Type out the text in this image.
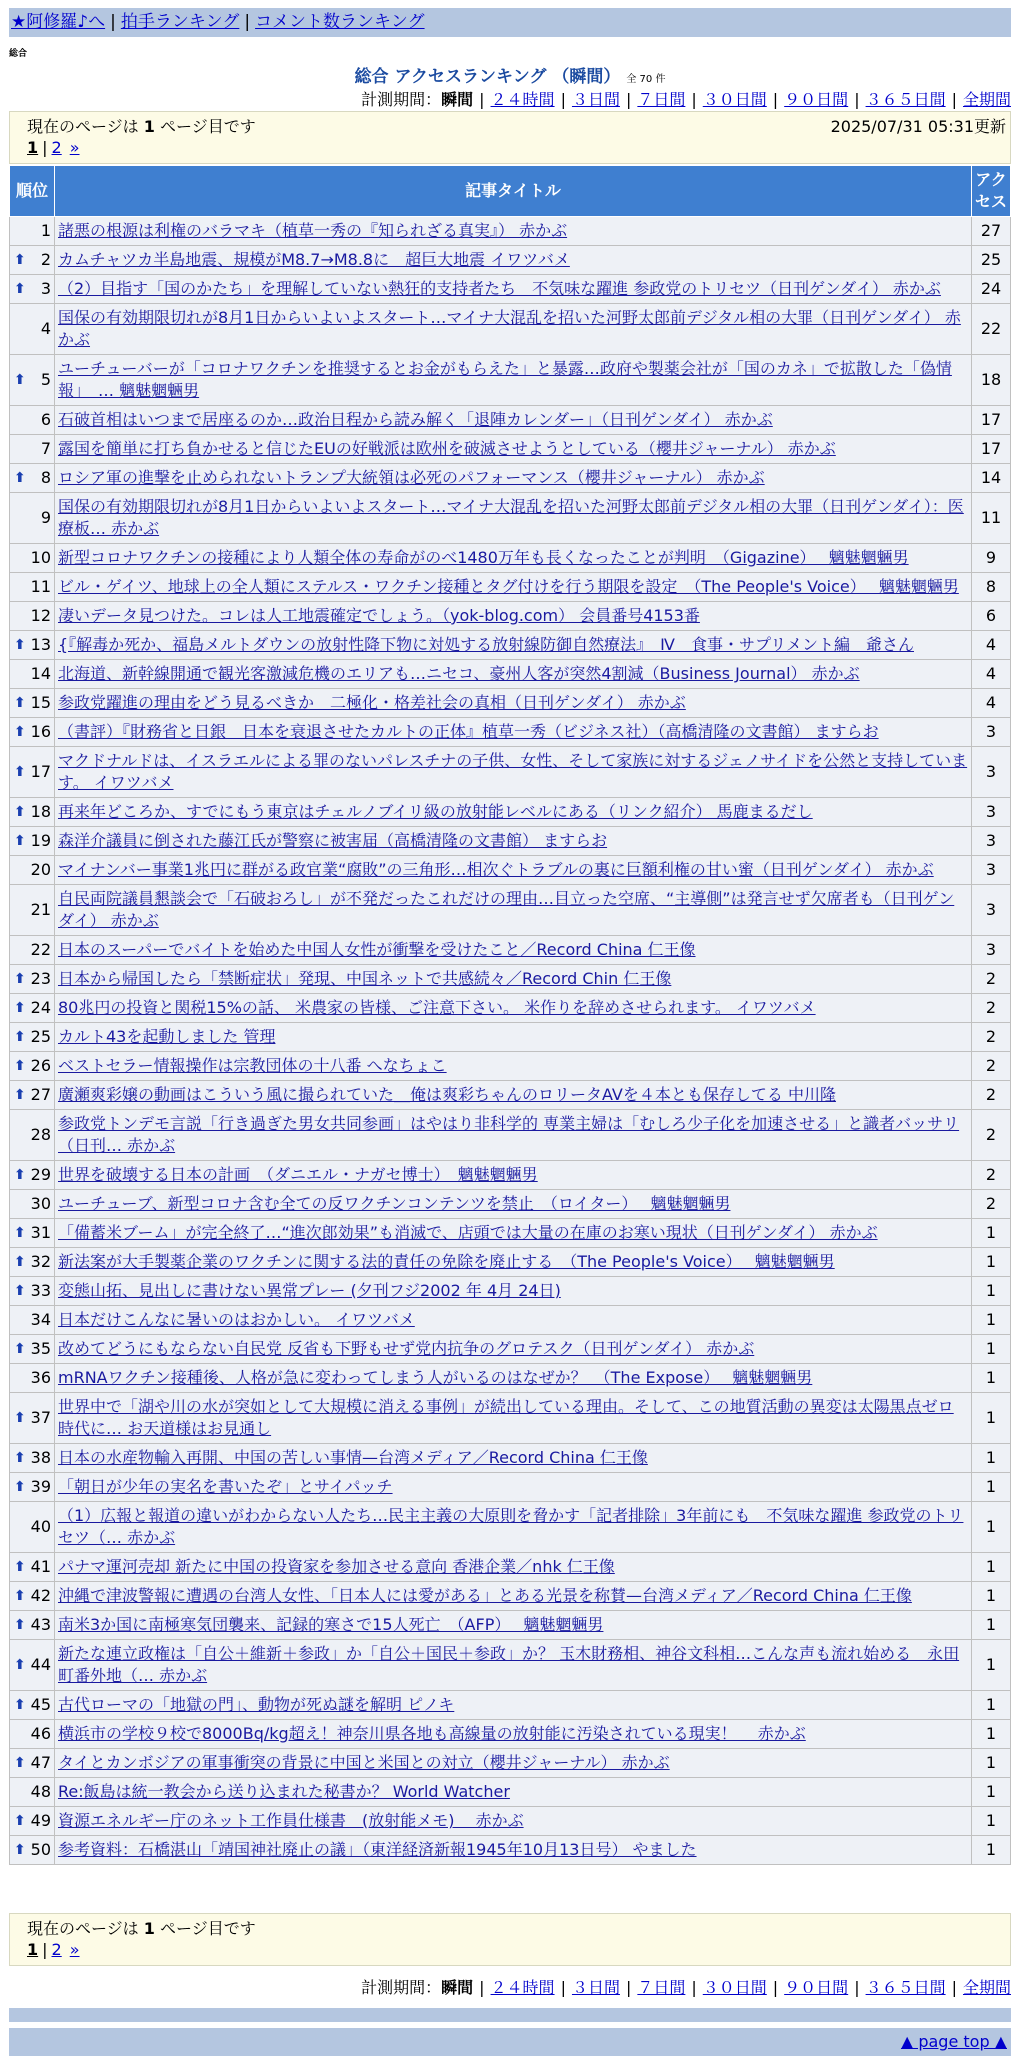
★阿修羅♪へ | 拍手ランキング | コメント数ランキング
総合
総合 アクセスランキング （瞬間） 全 70 件
計測期間：瞬間 | ２４時間 | ３日間 | ７日間 | ３０日間 | ９０日間 | ３６５日間 | 全期間
現在のページは 1 ページ目です	2025/07/31 05:31更新
1 | 2 »
順位	記事タイトル	アクセス
1	諸悪の根源は利権のバラマキ（植草一秀の『知られざる真実』） 赤かぶ	27

⬆ 2	カムチャツカ半島地震、規模がM8.7→M8.8に　超巨大地震 イワツバメ	25

⬆ 3	（2）目指す「国のかたち」を理解していない熱狂的支持者たち　不気味な躍進 参政党のトリセツ（日刊ゲンダイ） 赤かぶ	24
4	国保の有効期限切れが8月1日からいよいよスタート…マイナ大混乱を招いた河野太郎前デジタル相の大罪（日刊ゲンダイ） 赤かぶ	22

⬆ 5	ユーチューバーが「コロナワクチンを推奨するとお金がもらえた」と暴露…政府や製薬会社が「国のカネ」で拡散した「偽情報」　… 魑魅魍魎男	18
6	石破首相はいつまで居座るのか…政治日程から読み解く「退陣カレンダー」（日刊ゲンダイ） 赤かぶ	17
7	露国を簡単に打ち負かせると信じたEUの好戦派は欧州を破滅させようとしている（櫻井ジャーナル） 赤かぶ	17

⬆ 8	ロシア軍の進撃を止められないトランプ大統領は必死のパフォーマンス（櫻井ジャーナル） 赤かぶ	14
9	国保の有効期限切れが8月1日からいよいよスタート…マイナ大混乱を招いた河野太郎前デジタル相の大罪（日刊ゲンダイ）：医療板… 赤かぶ	11
10	新型コロナワクチンの接種により人類全体の寿命がのべ1480万年も長くなったことが判明　（Gigazine）　 魑魅魍魎男	9
11	ビル・ゲイツ、地球上の全人類にステルス・ワクチン接種とタグ付けを行う期限を設定　（The People's Voice）　 魑魅魍魎男	8
12	凄いデータ見つけた。コレは人工地震確定でしょう。（yok-blog.com） 会員番号4153番	6

⬆ 13	{『解毒か死か、福島メルトダウンの放射性降下物に対処する放射線防御自然療法』　Ⅳ　食事・サプリメント編　爺さん	4
14	北海道、新幹線開通で観光客激減危機のエリアも…ニセコ、豪州人客が突然4割減（Business Journal） 赤かぶ	4

⬆ 15	参政党躍進の理由をどう見るべきか　二極化・格差社会の真相（日刊ゲンダイ） 赤かぶ	4

⬆ 16	（書評）『財務省と日銀　日本を衰退させたカルトの正体』植草一秀（ビジネス社）（高橋清隆の文書館） ますらお	3

⬆ 17	マクドナルドは、イスラエルによる罪のないパレスチナの子供、女性、そして家族に対するジェノサイドを公然と支持しています。 イワツバメ	3

⬆ 18	再来年どころか、すでにもう東京はチェルノブイリ級の放射能レベルにある（リンク紹介） 馬鹿まるだし	3

⬆ 19	森洋介議員に倒された藤江氏が警察に被害届（高橋清隆の文書館） ますらお	3
20	マイナンバー事業1兆円に群がる政官業“腐敗”の三角形…相次ぐトラブルの裏に巨額利権の甘い蜜（日刊ゲンダイ） 赤かぶ	3
21	自民両院議員懇談会で「石破おろし」が不発だったこれだけの理由…目立った空席、“主導側”は発言せず欠席者も（日刊ゲンダイ） 赤かぶ	3
22	日本のスーパーでバイトを始めた中国人女性が衝撃を受けたこと／Record China 仁王像	3

⬆ 23	日本から帰国したら「禁断症状」発現、中国ネットで共感続々／Record Chin 仁王像	2

⬆ 24	80兆円の投資と関税15%の話、 米農家の皆様、ご注意下さい。 米作りを辞めさせられます。 イワツバメ	2

⬆ 25	カルト43を起動しました 管理	2

⬆ 26	ベストセラー情報操作は宗教団体の十八番 へなちょこ	2

⬆ 27	廣瀬爽彩嬢の動画はこういう風に撮られていた＿俺は爽彩ちゃんのロリータAVを４本とも保存してる 中川隆	2
28	参政党トンデモ言説「行き過ぎた男女共同参画」はやはり非科学的 専業主婦は「むしろ少子化を加速させる」と識者バッサリ（日刊… 赤かぶ	2

⬆ 29	世界を破壊する日本の計画　（ダニエル・ナガセ博士）　魑魅魍魎男	2
30	ユーチューブ、新型コロナ含む全ての反ワクチンコンテンツを禁止　（ロイター）　 魑魅魍魎男	2

⬆ 31	「備蓄米ブーム」が完全終了…“進次郎効果”も消滅で、店頭では大量の在庫のお寒い現状（日刊ゲンダイ） 赤かぶ	1

⬆ 32	新法案が大手製薬企業のワクチンに関する法的責任の免除を廃止する　（The People's Voice）　 魑魅魍魎男	1

⬆ 33	変態山拓、見出しに書けない異常プレー (夕刊フジ2002 年 4月 24日)	1
34	日本だけこんなに暑いのはおかしい。 イワツバメ	1

⬆ 35	改めてどうにもならない自民党 反省も下野もせず党内抗争のグロテスク（日刊ゲンダイ） 赤かぶ	1
36	mRNAワクチン接種後、人格が急に変わってしまう人がいるのはなぜか？　（The Expose）　 魑魅魍魎男	1

⬆ 37	世界中で「湖や川の水が突如として大規模に消える事例」が続出している理由。そして、この地質活動の異変は太陽黒点ゼロ時代に… お天道様はお見通し	1

⬆ 38	日本の水産物輸入再開、中国の苦しい事情—台湾メディア／Record China 仁王像	1

⬆ 39	「朝日が少年の実名を書いたぞ」とサイパッチ	1
40	（1）広報と報道の違いがわからない人たち…民主主義の大原則を脅かす「記者排除」3年前にも　不気味な躍進 参政党のトリセツ（… 赤かぶ	1

⬆ 41	パナマ運河売却 新たに中国の投資家を参加させる意向 香港企業／nhk 仁王像	1

⬆ 42	沖縄で津波警報に遭遇の台湾人女性、「日本人には愛がある」とある光景を称賛—台湾メディア／Record China 仁王像	1

⬆ 43	南米3か国に南極寒気団襲来、記録的寒さで15人死亡　（AFP）　 魑魅魍魎男	1

⬆ 44	新たな連立政権は「自公＋維新＋参政」か「自公＋国民＋参政」か？ 玉木財務相、神谷文科相…こんな声も流れ始める　永田町番外地（… 赤かぶ	1

⬆ 45	古代ローマの「地獄の門」、動物が死ぬ謎を解明 ピノキ	1
46	横浜市の学校９校で8000Bq/kg超え！神奈川県各地も高線量の放射能に汚染されている現実！　 赤かぶ	1

⬆ 47	タイとカンボジアの軍事衝突の背景に中国と米国との対立（櫻井ジャーナル） 赤かぶ	1
48	Re:飯島は統一教会から送り込まれた秘書か？ World Watcher	1

⬆ 49	資源エネルギー庁のネット工作員仕様書　(放射能メモ)　 赤かぶ	1

⬆ 50	参考資料：石橋湛山「靖国神社廃止の議」（東洋経済新報1945年10月13日号） やました	1
現在のページは 1 ページ目です
1 | 2 »
計測期間：瞬間 | ２４時間 | ３日間 | ７日間 | ３０日間 | ９０日間 | ３６５日間 | 全期間
▲ page top ▲
